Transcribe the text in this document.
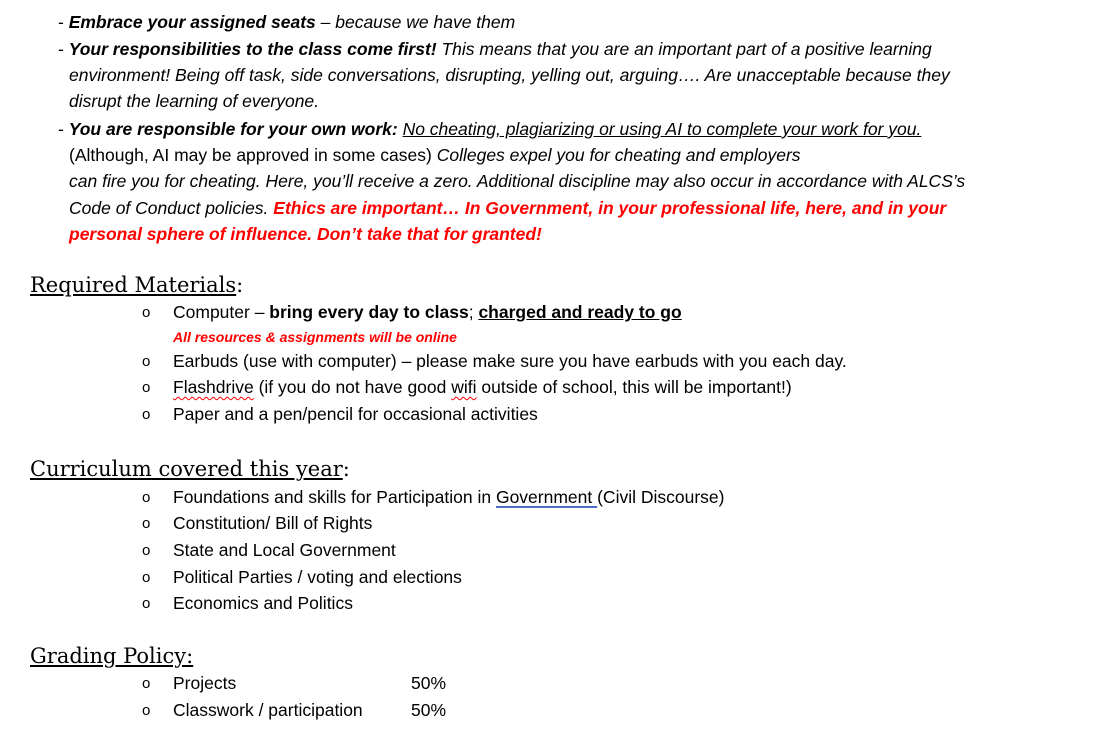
- Embrace your assigned seats – because we have them
- Your responsibilities to the class come first! This means that you are an important part of a positive learning
environment! Being off task, side conversations, disrupting, yelling out, arguing…. Are unacceptable because they
disrupt the learning of everyone.
- You are responsible for your own work: No cheating, plagiarizing or using AI to complete your work for you.
(Although, AI may be approved in some cases) Colleges expel you for cheating and employers
can fire you for cheating. Here, you’ll receive a zero. Additional discipline may also occur in accordance with ALCS’s
Code of Conduct policies. Ethics are important… In Government, in your professional life, here, and in your
personal sphere of influence. Don’t take that for granted!
Required Materials:
o Computer – bring every day to class; charged and ready to go
All resources & assignments will be online
o Earbuds (use with computer) – please make sure you have earbuds with you each day.
o Flashdrive (if you do not have good wifi outside of school, this will be important!)
o Paper and a pen/pencil for occasional activities
Curriculum covered this year:
o Foundations and skills for Participation in Government (Civil Discourse)
o Constitution/ Bill of Rights
o State and Local Government
o Political Parties / voting and elections
o Economics and Politics
Grading Policy:
o Projects	50%
o Classwork / participation	50%
